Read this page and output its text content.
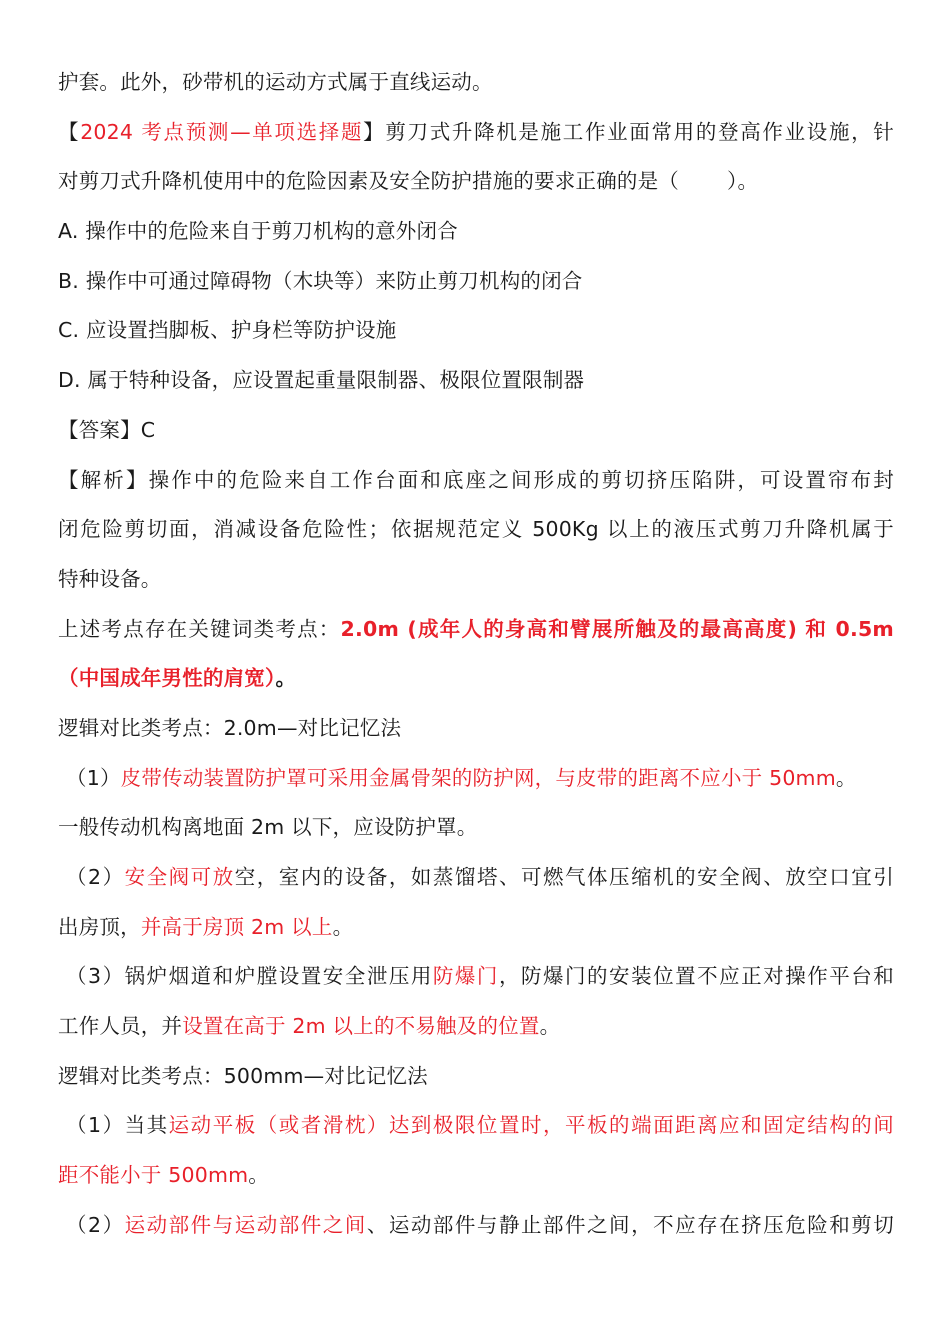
护套。此外，砂带机的运动方式属于直线运动。
【2024 考点预测—单项选择题】剪刀式升降机是施工作业面常用的登高作业设施，针
对剪刀式升降机使用中的危险因素及安全防护措施的要求正确的是（ ）。
A. 操作中的危险来自于剪刀机构的意外闭合
B. 操作中可通过障碍物（木块等）来防止剪刀机构的闭合
C. 应设置挡脚板、护身栏等防护设施
D. 属于特种设备，应设置起重量限制器、极限位置限制器
【答案】C
【解析】操作中的危险来自工作台面和底座之间形成的剪切挤压陷阱，可设置帘布封
闭危险剪切面，消减设备危险性；依据规范定义 500Kg 以上的液压式剪刀升降机属于
特种设备。
上述考点存在关键词类考点：2.0m (成年人的身高和臂展所触及的最高高度) 和 0.5m
（中国成年男性的肩宽）。
逻辑对比类考点：2.0m—对比记忆法
（1）皮带传动装置防护罩可采用金属骨架的防护网，与皮带的距离不应小于 50mm。
一般传动机构离地面 2m 以下，应设防护罩。
（2）安全阀可放空，室内的设备，如蒸馏塔、可燃气体压缩机的安全阀、放空口宜引
出房顶，并高于房顶 2m 以上。
（3）锅炉烟道和炉膛设置安全泄压用防爆门，防爆门的安装位置不应正对操作平台和
工作人员，并设置在高于 2m 以上的不易触及的位置。
逻辑对比类考点：500mm—对比记忆法
（1）当其运动平板（或者滑枕）达到极限位置时，平板的端面距离应和固定结构的间
距不能小于 500mm。
（2）运动部件与运动部件之间、运动部件与静止部件之间，不应存在挤压危险和剪切
